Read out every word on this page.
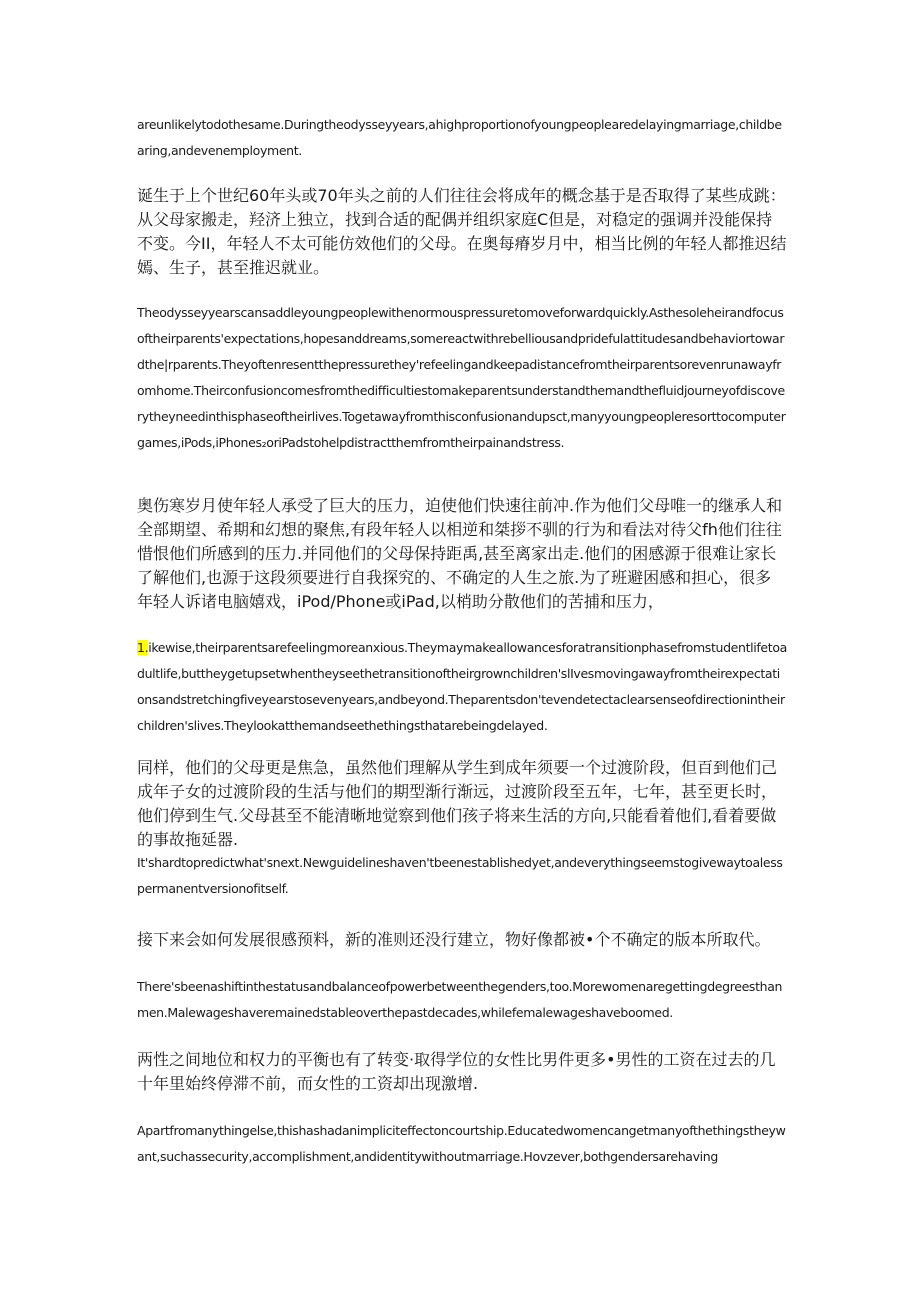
areunlikelytodothesame.Duringtheodysseyyears,ahighproportionofyoungpeoplearedelayingmarriage,childbearing,andevenemployment.

诞生于上个世纪60年头或70年头之前的人们往往会将成年的概念基于是否取得了某些成跳：从父母家搬走，羟济上独立，找到合适的配偶并组织家庭C但是，对稳定的强调并没能保持不变。今II，年轻人不太可能仿效他们的父母。在奥每瘠岁月中，相当比例的年轻人都推迟结嫣、生子，甚至推迟就业。

Theodysseyyearscansaddleyoungpeoplewithenormouspressuretomoveforwardquickly.Asthesoleheirandfocusoftheirparents'expectations,hopesanddreams,somereactwithrebelliousandpridefulattitudesandbehaviortowardthe|rparents.Theyoftenresentthepressurethey'refeelingandkeepadistancefromtheirparentsorevenrunawayfromhome.Theirconfusioncomesfromthedifficultiestomakeparentsunderstandthemandthefluidjourneyofdiscoverytheyneedinthisphaseoftheirlives.Togetawayfromthisconfusionandupsct,manyyoungpeopleresorttocomputergames,iPods,iPhones₂oriPadstohelpdistractthemfromtheirpainandstress.

奥伤寒岁月使年轻人承受了巨大的压力，迫使他们快速往前冲.作为他们父母唯一的继承人和全部期望、希期和幻想的聚焦,有段年轻人以相逆和桀拶不驯的行为和看法对待父fh他们往往惜恨他们所感到的压力.并同他们的父母保持距禹,甚至离家出走.他们的困感源于很难让家长了解他们,也源于这段须要进行自我探究的、不确定的人生之旅.为了班避困感和担心，很多年轻人诉诸电脑嬉戏，iPod/Phone或iPad,以梢助分散他们的苦捕和压力，

1.ikewise,theirparentsarefeelingmoreanxious.Theymaymakeallowancesforatransitionphasefromstudentlifetoadultlife,buttheygetupsetwhentheyseethetransitionoftheirgrownchildren'slIvesmovingawayfromtheirexpectationsandstretchingfiveyearstosevenyears,andbeyond.Theparentsdon'tevendetectaclearsenseofdirectionintheirchildren'slives.Theylookatthemandseethethingsthatarebeingdelayed.

同样，他们的父母更是焦急，虽然他们理解从学生到成年须要一个过渡阶段，但百到他们己成年子女的过渡阶段的生活与他们的期型渐行渐远，过渡阶段至五年，七年，甚至更长时，他们停到生气.父母甚至不能清晰地觉察到他们孩子将来生活的方向,只能看着他们,看着要做的事故拖延器.

It'shardtopredictwhat'snext.Newguidelineshaven'tbeenestablishedyet,andeverythingseemstogivewaytoalesspermanentversionofitself.

接下来会如何发展很感预料，新的准则还没行建立，物好像都被•个不确定的版本所取代。

There'sbeenashiftinthestatusandbalanceofpowerbetweenthegenders,too.Morewomenaregettingdegreesthanmen.Malewageshaveremainedstableoverthepastdecades,whilefemalewageshaveboomed.

两性之间地位和权力的平衡也有了转变·取得学位的女性比男件更多•男性的工资在过去的几十年里始终停滞不前，而女性的工资却出现激增.

Apartfromanythingelse,thishashadanimpliciteffectoncourtship.Educatedwomencangetmanyofthethingstheywant,suchassecurity,accomplishment,andidentitywithoutmarriage.Hovzever,bothgendersarehaving
